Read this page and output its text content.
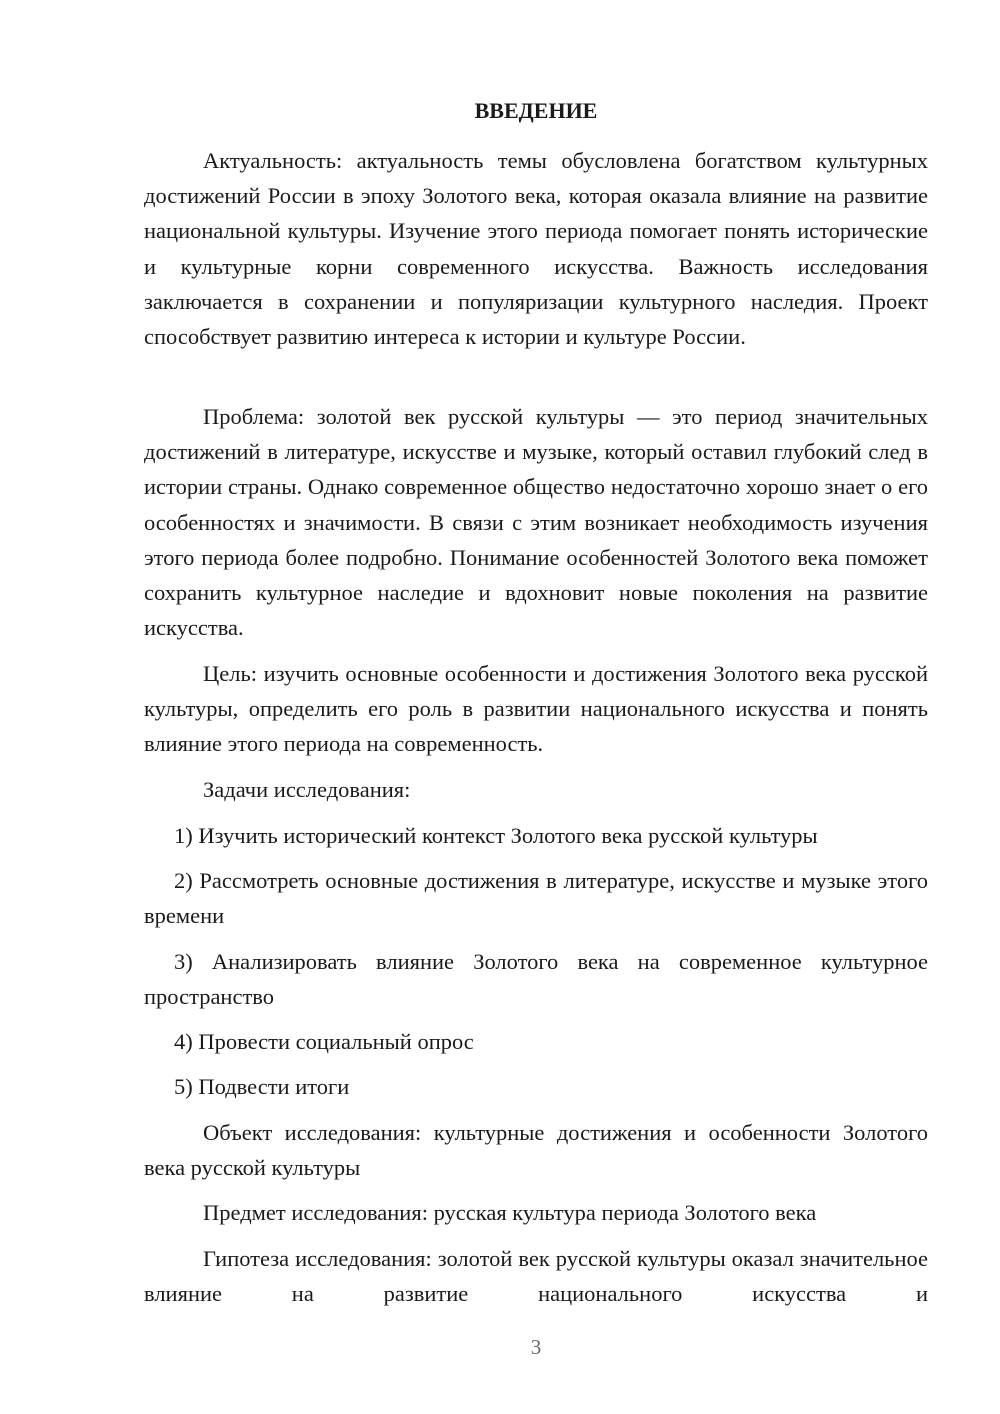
ВВЕДЕНИЕ

Актуальность: актуальность темы обусловлена богатством культурных достижений России в эпоху Золотого века, которая оказала влияние на развитие национальной культуры. Изучение этого периода помогает понять исторические и культурные корни современного искусства. Важность исследования заключается в сохранении и популяризации культурного наследия. Проект способствует развитию интереса к истории и культуре России.

Проблема: золотой век русской культуры — это период значительных достижений в литературе, искусстве и музыке, который оставил глубокий след в истории страны. Однако современное общество недостаточно хорошо знает о его особенностях и значимости. В связи с этим возникает необходимость изучения этого периода более подробно. Понимание особенностей Золотого века поможет сохранить культурное наследие и вдохновит новые поколения на развитие искусства.

Цель: изучить основные особенности и достижения Золотого века русской культуры, определить его роль в развитии национального искусства и понять влияние этого периода на современность.

Задачи исследования:

1) Изучить исторический контекст Золотого века русской культуры

2) Рассмотреть основные достижения в литературе, искусстве и музыке этого времени

3) Анализировать влияние Золотого века на современное культурное пространство

4) Провести социальный опрос

5) Подвести итоги

Объект исследования: культурные достижения и особенности Золотого века русской культуры

Предмет исследования: русская культура периода Золотого века

Гипотеза исследования: золотой век русской культуры оказал значительное влияние на развитие национального искусства и

3
